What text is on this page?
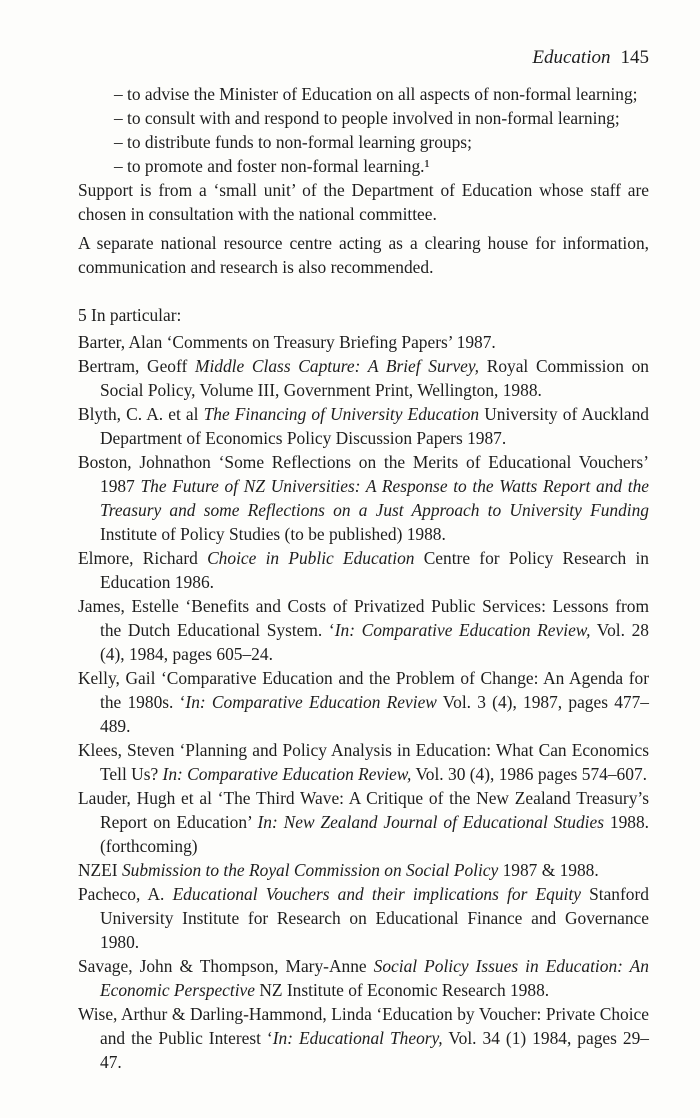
Education 145
– to advise the Minister of Education on all aspects of non-formal learning;
– to consult with and respond to people involved in non-formal learning;
– to distribute funds to non-formal learning groups;
– to promote and foster non-formal learning.¹

Support is from a ‘small unit’ of the Department of Education whose staff are chosen in consultation with the national committee.

A separate national resource centre acting as a clearing house for information, communication and research is also recommended.

5 In particular:

Barter, Alan ‘Comments on Treasury Briefing Papers’ 1987.

Bertram, Geoff Middle Class Capture: A Brief Survey, Royal Commission on Social Policy, Volume III, Government Print, Wellington, 1988.

Blyth, C. A. et al The Financing of University Education University of Auckland Department of Economics Policy Discussion Papers 1987.

Boston, Johnathon ‘Some Reflections on the Merits of Educational Vouchers’ 1987 The Future of NZ Universities: A Response to the Watts Report and the Treasury and some Reflections on a Just Approach to University Funding Institute of Policy Studies (to be published) 1988.

Elmore, Richard Choice in Public Education Centre for Policy Research in Education 1986.

James, Estelle ‘Benefits and Costs of Privatized Public Services: Lessons from the Dutch Educational System. ‘In: Comparative Education Review, Vol. 28 (4), 1984, pages 605–24.

Kelly, Gail ‘Comparative Education and the Problem of Change: An Agenda for the 1980s. ‘In: Comparative Education Review Vol. 3 (4), 1987, pages 477–489.

Klees, Steven ‘Planning and Policy Analysis in Education: What Can Economics Tell Us? In: Comparative Education Review, Vol. 30 (4), 1986 pages 574–607.

Lauder, Hugh et al ‘The Third Wave: A Critique of the New Zealand Treasury’s Report on Education’ In: New Zealand Journal of Educational Studies 1988. (forthcoming)

NZEI Submission to the Royal Commission on Social Policy 1987 & 1988.

Pacheco, A. Educational Vouchers and their implications for Equity Stanford University Institute for Research on Educational Finance and Governance 1980.

Savage, John & Thompson, Mary-Anne Social Policy Issues in Education: An Economic Perspective NZ Institute of Economic Research 1988.

Wise, Arthur & Darling-Hammond, Linda ‘Education by Voucher: Private Choice and the Public Interest ‘In: Educational Theory, Vol. 34 (1) 1984, pages 29–47.
